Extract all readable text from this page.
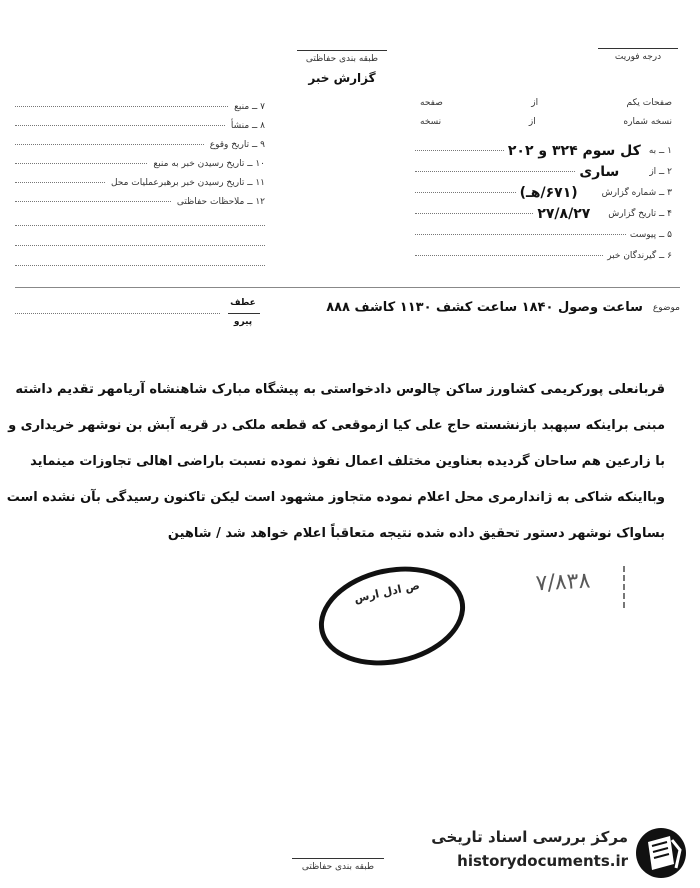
طبقه بندی حفاظتی
گزارش خبر
درجه فوریت
صفحات یکم
از
صفحه
نسخه شماره
از
نسخه
۷ ــ منبع
۸ ــ منشأ
۹ ــ تاریخ وقوع
۱۰ ــ تاریخ رسیدن خبر به منبع
۱۱ ــ تاریخ رسیدن خبر برهبرعملیات محل
۱۲ ــ ملاحظات حفاظتی
۱ ــ به
کل سوم ۳۲۴ و ۲۰۲
۲ ــ از
ساری
۳ ــ شماره گزارش
(۶۷۱/هـ)
۴ ــ تاریخ گزارش
۲۷/۸/۲۷
۵ ــ پیوست
۶ ــ گیرندگان خبر
عطف
پیرو
موضوع
ساعت وصول ۱۸۴۰ ساعت کشف ۱۱۳۰ کاشف ۸۸۸
قربانعلی پورکریمی کشاورز ساکن چالوس دادخواستی به پیشگاه مبارک شاهنشاه آریامهر تقدیم داشته
مبنی براینکه سپهبد بازنشسته حاج علی کیا ازموقعی که قطعه ملکی در قریه آبش بن نوشهر خریداری و
با زارعین هم ساحان گردیده بعناوین مختلف اعمال نفوذ نموده نسبت باراضی اهالی تجاوزات مینماید
وبااینکه شاکی به ژاندارمری محل اعلام نموده متجاوز مشهود است لیکن تاکنون رسیدگی بآن نشده است
بساواک نوشهر دستور تحقیق داده شده نتیجه متعاقباً اعلام خواهد شد / شاهین
ص ادل ارس	۷/۸۳۸
طبقه بندی حفاظتی
مرکز بررسی اسناد تاریخی
historydocuments.ir
